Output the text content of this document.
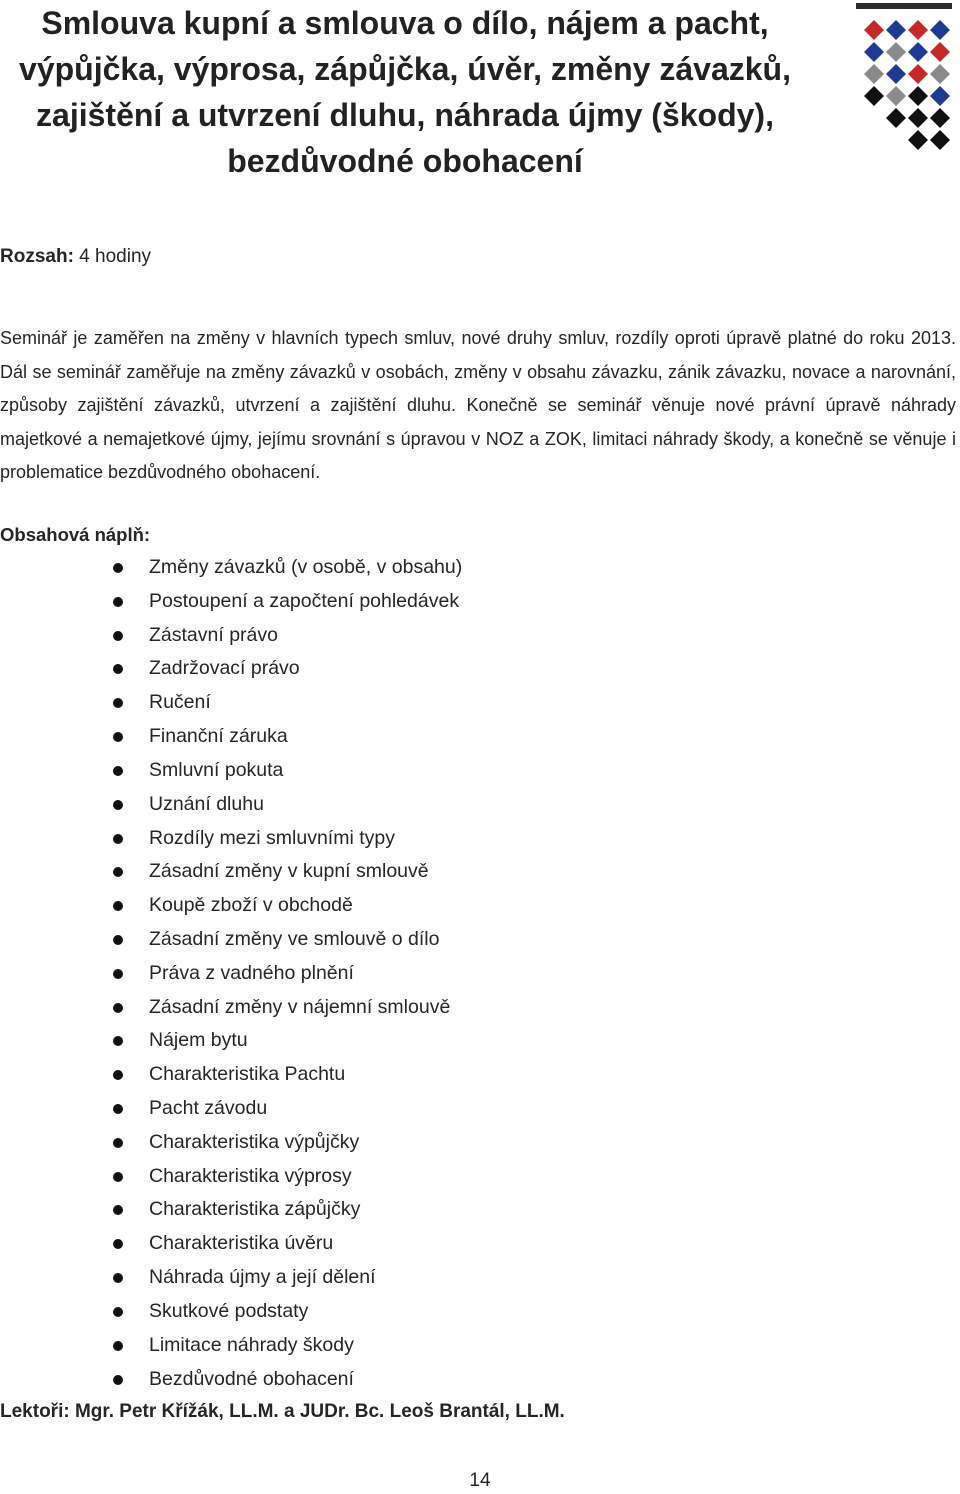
Smlouva kupní a smlouva o dílo, nájem a pacht,
výpůjčka, výprosa, zápůjčka, úvěr, změny závazků,
zajištění a utvrzení dluhu, náhrada újmy (škody),
bezdůvodné obohacení
Rozsah: 4 hodiny

Seminář je zaměřen na změny v hlavních typech smluv, nové druhy smluv, rozdíly oproti úpravě platné do roku 2013. Dál se seminář zaměřuje na změny závazků v osobách, změny v obsahu závazku, zánik závazku, novace a narovnání, způsoby zajištění závazků, utvrzení a zajištění dluhu. Konečně se seminář věnuje nové právní úpravě náhrady majetkové a nemajetkové újmy, jejímu srovnání s úpravou v NOZ a ZOK, limitaci náhrady škody, a konečně se věnuje i problematice bezdůvodného obohacení.

Obsahová náplň:
Změny závazků (v osobě, v obsahu)
Postoupení a započtení pohledávek
Zástavní právo
Zadržovací právo
Ručení
Finanční záruka
Smluvní pokuta
Uznání dluhu
Rozdíly mezi smluvními typy
Zásadní změny v kupní smlouvě
Koupě zboží v obchodě
Zásadní změny ve smlouvě o dílo
Práva z vadného plnění
Zásadní změny v nájemní smlouvě
Nájem bytu
Charakteristika Pachtu
Pacht závodu
Charakteristika výpůjčky
Charakteristika výprosy
Charakteristika zápůjčky
Charakteristika úvěru
Náhrada újmy a její dělení
Skutkové podstaty
Limitace náhrady škody
Bezdůvodné obohacení
Lektoři: Mgr. Petr Křížák, LL.M. a JUDr. Bc. Leoš Brantál, LL.M.
14
